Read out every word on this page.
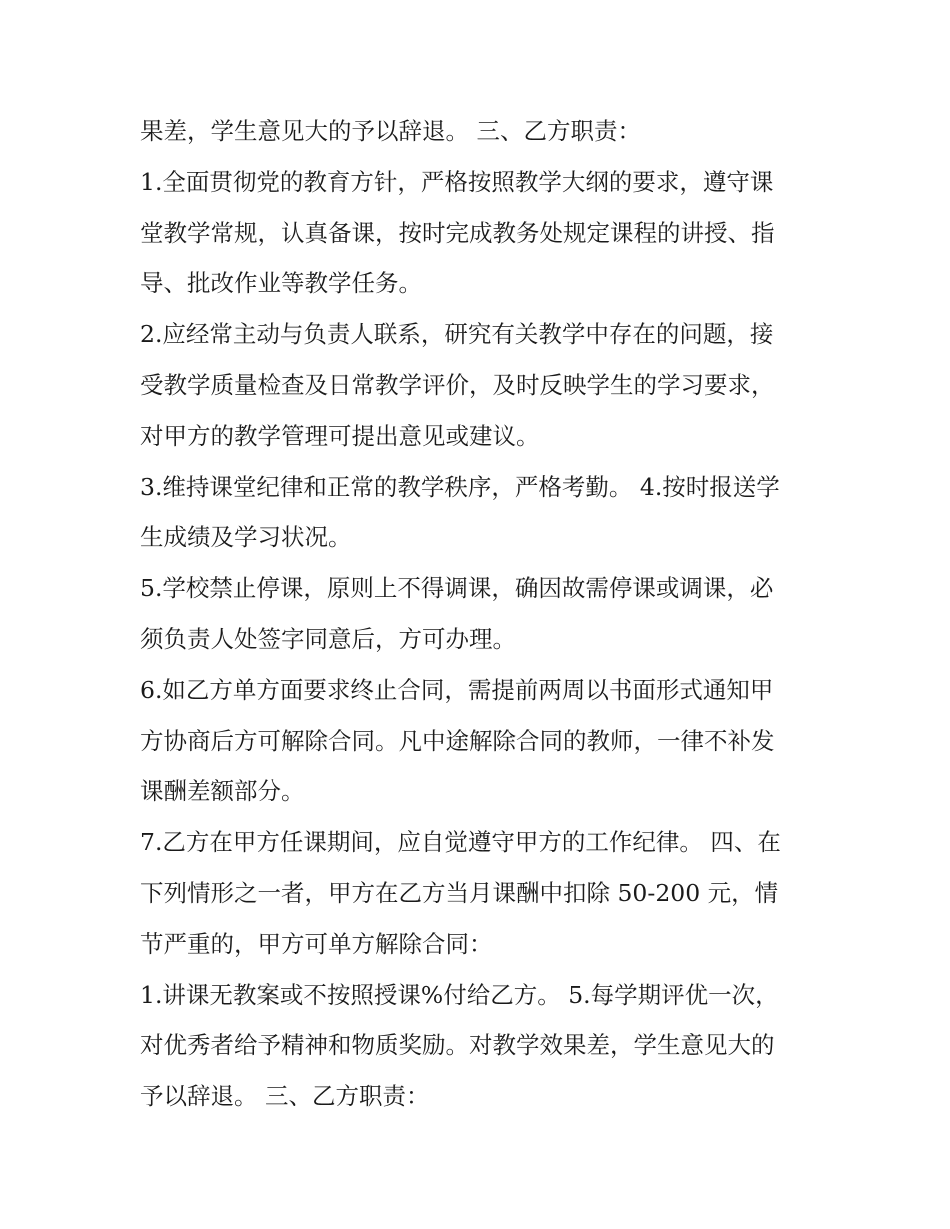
果差，学生意见大的予以辞退。 三、乙方职责：
1.全面贯彻党的教育方针，严格按照教学大纲的要求，遵守课
堂教学常规，认真备课，按时完成教务处规定课程的讲授、指
导、批改作业等教学任务。
2.应经常主动与负责人联系，研究有关教学中存在的问题，接
受教学质量检查及日常教学评价，及时反映学生的学习要求，
对甲方的教学管理可提出意见或建议。
3.维持课堂纪律和正常的教学秩序，严格考勤。 4.按时报送学
生成绩及学习状况。
5.学校禁止停课，原则上不得调课，确因故需停课或调课，必
须负责人处签字同意后，方可办理。
6.如乙方单方面要求终止合同，需提前两周以书面形式通知甲
方协商后方可解除合同。凡中途解除合同的教师，一律不补发
课酬差额部分。
7.乙方在甲方任课期间，应自觉遵守甲方的工作纪律。 四、在
下列情形之一者，甲方在乙方当月课酬中扣除 50-200 元，情
节严重的，甲方可单方解除合同：
1.讲课无教案或不按照授课%付给乙方。 5.每学期评优一次，
对优秀者给予精神和物质奖励。对教学效果差，学生意见大的
予以辞退。 三、乙方职责：
